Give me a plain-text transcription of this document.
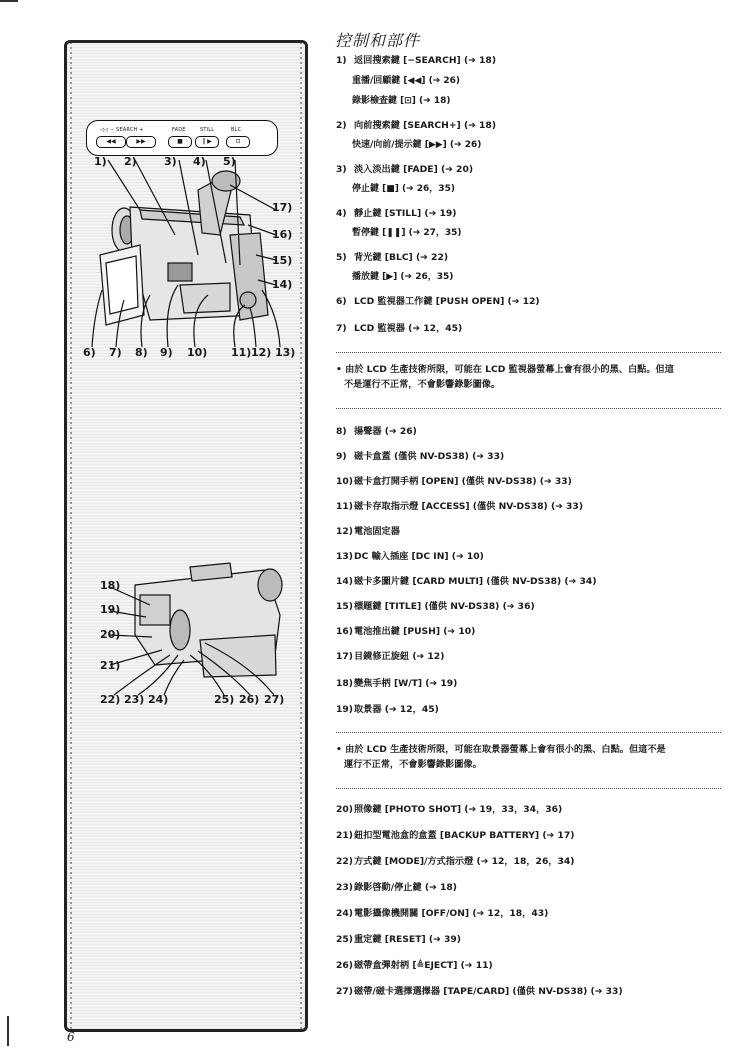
◁◁ − SEARCH +	FADE	STILL	BLC
◀◀	▶▶	■	‖ ▶	⊡
1) 2) 3) 4) 5)
17)
16)
15)
14)
6) 7) 8) 9) 10) 11) 12) 13)
18)
19)
20)
21)
22) 23) 24)	25) 26) 27)
控制和部件
1) 返回搜索鍵 [−SEARCH] (➔ 18)
重播/回顧鍵 [◀◀] (➔ 26)
錄影檢查鍵 [⊡] (➔ 18)
2) 向前搜索鍵 [SEARCH+] (➔ 18)
快速/向前/提示鍵 [▶▶] (➔ 26)
3) 淡入淡出鍵 [FADE] (➔ 20)
停止鍵 [■] (➔ 26，35)
4) 靜止鍵 [STILL] (➔ 19)
暫停鍵 [❚❚] (➔ 27，35)
5) 背光鍵 [BLC] (➔ 22)
播放鍵 [▶] (➔ 26，35)
6) LCD 監視器工作鍵 [PUSH OPEN] (➔ 12)
7) LCD 監視器 (➔ 12，45)
• 由於 LCD 生產技術所限，可能在 LCD 監視器螢幕上會有很小的黑、白點。但這
不是運行不正常，不會影響錄影圖像。
8) 揚聲器 (➔ 26)
9) 磁卡盒蓋 (僅供 NV-DS38) (➔ 33)
10)磁卡盒打開手柄 [OPEN] (僅供 NV-DS38) (➔ 33)
11)磁卡存取指示燈 [ACCESS] (僅供 NV-DS38) (➔ 33)
12)電池固定器
13)DC 輸入插座 [DC IN] (➔ 10)
14)磁卡多圖片鍵 [CARD MULTI] (僅供 NV-DS38) (➔ 34)
15)標題鍵 [TITLE] (僅供 NV-DS38) (➔ 36)
16)電池推出鍵 [PUSH] (➔ 10)
17)目鏡修正旋鈕 (➔ 12)
18)變焦手柄 [W/T] (➔ 19)
19)取景器 (➔ 12，45)
• 由於 LCD 生產技術所限，可能在取景器螢幕上會有很小的黑、白點。但這不是
運行不正常，不會影響錄影圖像。
20)照像鍵 [PHOTO SHOT] (➔ 19，33，34，36)
21)鈕扣型電池盒的盒蓋 [BACKUP BATTERY] (➔ 17)
22)方式鍵 [MODE]/方式指示燈 (➔ 12，18，26，34)
23)錄影啓動/停止鍵 (➔ 18)
24)電影攝像機開關 [OFF/ON] (➔ 12，18，43)
25)重定鍵 [RESET] (➔ 39)
26)磁帶盒彈射柄 [≜EJECT] (➔ 11)
27)磁帶/磁卡選擇選擇器 [TAPE/CARD] (僅供 NV-DS38) (➔ 33)
6
